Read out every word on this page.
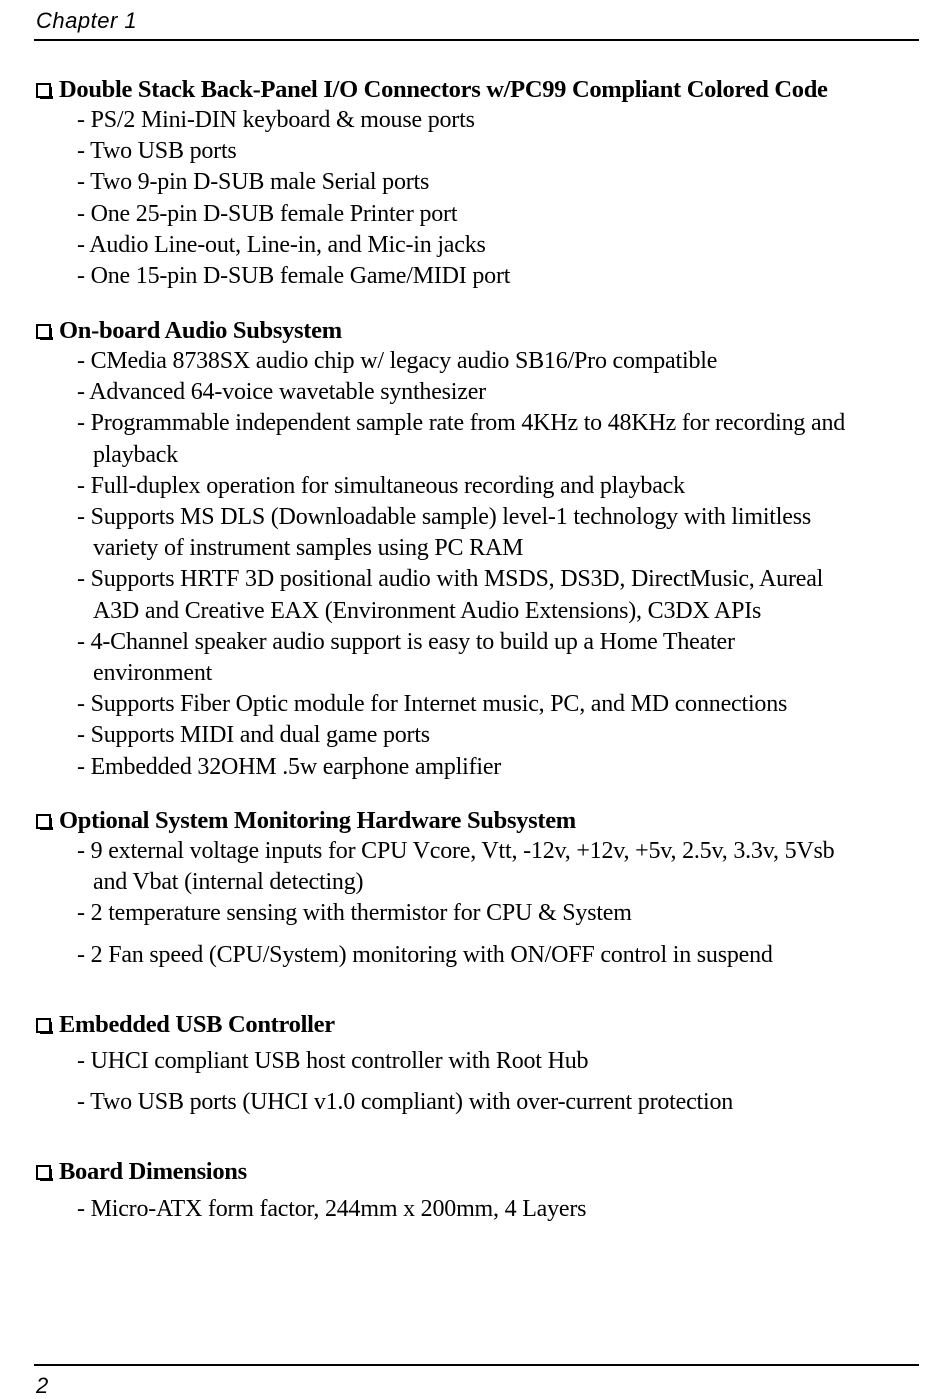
Chapter 1
Double Stack Back-Panel I/O Connectors w/PC99 Compliant Colored Code
- PS/2 Mini-DIN keyboard & mouse ports
- Two USB ports
- Two 9-pin D-SUB male Serial ports
- One 25-pin D-SUB female Printer port
- Audio Line-out, Line-in, and Mic-in jacks
- One 15-pin D-SUB female Game/MIDI port
On-board Audio Subsystem
- CMedia 8738SX audio chip w/ legacy audio SB16/Pro compatible
- Advanced 64-voice wavetable synthesizer
- Programmable independent sample rate from 4KHz to 48KHz for recording and
playback
- Full-duplex operation for simultaneous recording and playback
- Supports MS DLS (Downloadable sample) level-1 technology with limitless
variety of instrument samples using PC RAM
- Supports HRTF 3D positional audio with MSDS, DS3D, DirectMusic, Aureal
A3D and Creative EAX (Environment Audio Extensions), C3DX APIs
- 4-Channel speaker audio support is easy to build up a Home Theater
environment
- Supports Fiber Optic module for Internet music, PC, and MD connections
- Supports MIDI and dual game ports
- Embedded 32OHM .5w earphone amplifier
Optional System Monitoring Hardware Subsystem
- 9 external voltage inputs for CPU Vcore, Vtt, -12v, +12v, +5v, 2.5v, 3.3v, 5Vsb
and Vbat (internal detecting)
- 2 temperature sensing with thermistor for CPU & System
- 2 Fan speed (CPU/System) monitoring with ON/OFF control in suspend
Embedded USB Controller
- UHCI compliant USB host controller with Root Hub
- Two USB ports (UHCI v1.0 compliant) with over-current protection
Board Dimensions
- Micro-ATX form factor, 244mm x 200mm, 4 Layers
2
